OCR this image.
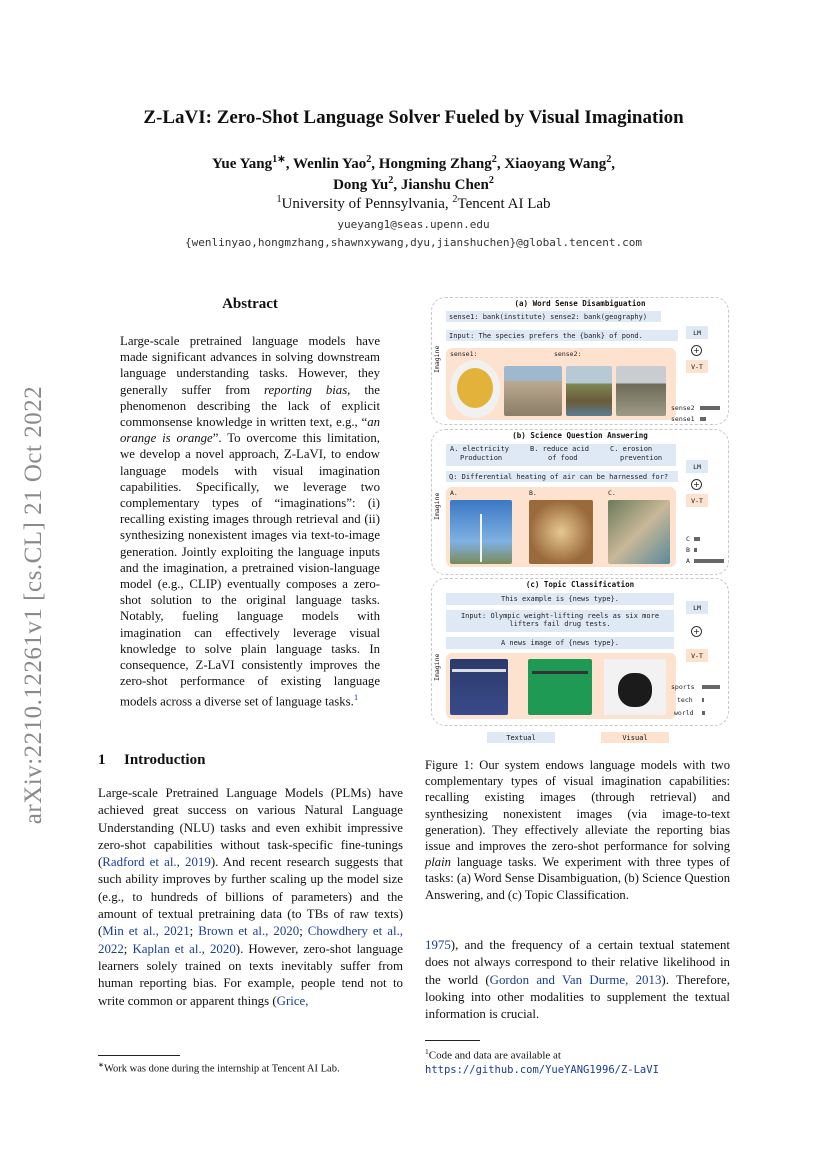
arXiv:2210.12261v1 [cs.CL] 21 Oct 2022
Z-LaVI: Zero-Shot Language Solver Fueled by Visual Imagination
Yue Yang$^{1∗}$, Wenlin Yao$^2$, Hongming Zhang$^2$, Xiaoyang Wang$^2$,
Dong Yu$^2$, Jianshu Chen$^2$
$^1$University of Pennsylvania, $^2$Tencent AI Lab
yueyang1@seas.upenn.edu
{wenlinyao,hongmzhang,shawnxywang,dyu,jianshuchen}@global.tencent.com
Abstract
Large-scale pretrained language models have made significant advances in solving downstream language understanding tasks. However, they generally suffer from reporting bias, the phenomenon describing the lack of explicit commonsense knowledge in written text, e.g., “an orange is orange”. To overcome this limitation, we develop a novel approach, Z-LaVI, to endow language models with visual imagination capabilities. Specifically, we leverage two complementary types of “imaginations”: (i) recalling existing images through retrieval and (ii) synthesizing nonexistent images via text-to-image generation. Jointly exploiting the language inputs and the imagination, a pretrained vision-language model (e.g., CLIP) eventually composes a zero-shot solution to the original language tasks. Notably, fueling language models with imagination can effectively leverage visual knowledge to solve plain language tasks. In consequence, Z-LaVI consistently improves the zero-shot performance of existing language models across a diverse set of language tasks.$^1$
1 Introduction
Large-scale Pretrained Language Models (PLMs) have achieved great success on various Natural Language Understanding (NLU) tasks and even exhibit impressive zero-shot capabilities without task-specific fine-tunings (Radford et al., 2019). And recent research suggests that such ability improves by further scaling up the model size (e.g., to hundreds of billions of parameters) and the amount of textual pretraining data (to TBs of raw texts) (Min et al., 2021; Brown et al., 2020; Chowdhery et al., 2022; Kaplan et al., 2020). However, zero-shot language learners solely trained on texts inevitably suffer from human reporting bias. For example, people tend not to write common or apparent things (Grice,
∗Work was done during the internship at Tencent AI Lab.
(a) Word Sense Disambiguation
sense1: bank(institute) sense2: bank(geography)
Input: The species prefers the {bank} of pond.
Imagine sense1:	sense2:
LM
+
V-T
sense2
sense1
(b) Science Question Answering
A. electricity
Production
B. reduce acid
of food
C. erosion
prevention
Q: Differential heating of air can be harnessed for?
Imagine A.	B.	C.
LM
+
V-T
C
B
A
(c) Topic Classification
This example is {news type}.
Input: Olympic weight-lifting reels as six more
lifters fail drug tests.
A news image of {news type}.
Imagine
LM
+
V-T
sports
tech
world
Textual	Visual
Figure 1: Our system endows language models with two complementary types of visual imagination capabilities: recalling existing images (through retrieval) and synthesizing nonexistent images (via image-to-text generation). They effectively alleviate the reporting bias issue and improves the zero-shot performance for solving plain language tasks. We experiment with three types of tasks: (a) Word Sense Disambiguation, (b) Science Question Answering, and (c) Topic Classification.
1975), and the frequency of a certain textual statement does not always correspond to their relative likelihood in the world (Gordon and Van Durme, 2013). Therefore, looking into other modalities to supplement the textual information is crucial.
$^1$Code and data are available at https://github.com/YueYANG1996/Z-LaVI
